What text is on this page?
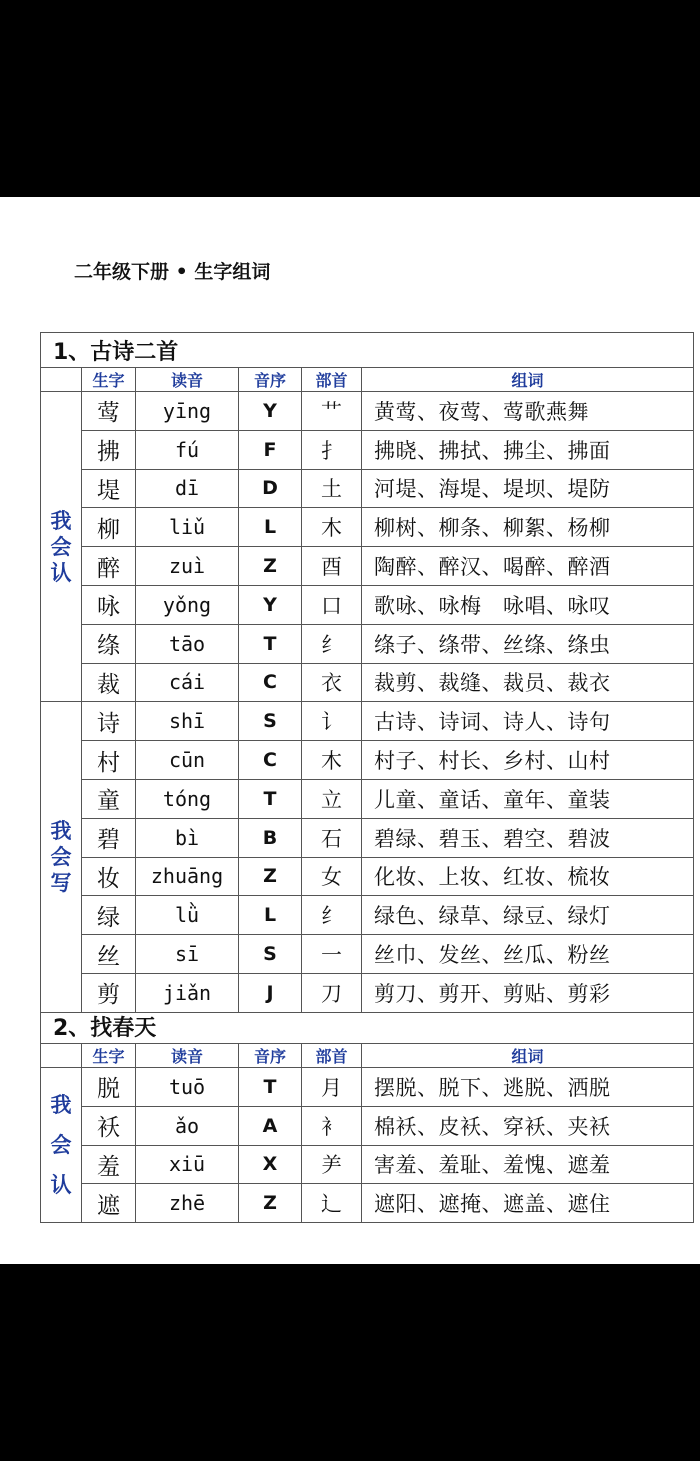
二年级下册 • 生字组词
1、古诗二首					
	生字	读音	音序	部首	组词

我
会
认	莺	yīng	Y	艹	黄莺、夜莺、莺歌燕舞
	拂	fú	F	扌	拂晓、拂拭、拂尘、拂面
	堤	dī	D	土	河堤、海堤、堤坝、堤防
	柳	liǔ	L	木	柳树、柳条、柳絮、杨柳
	醉	zuì	Z	酉	陶醉、醉汉、喝醉、醉酒
	咏	yǒng	Y	口	歌咏、咏梅　咏唱、咏叹
	绦	tāo	T	纟	绦子、绦带、丝绦、绦虫
	裁	cái	C	衣	裁剪、裁缝、裁员、裁衣

我
会
写	诗	shī	S	讠	古诗、诗词、诗人、诗句
	村	cūn	C	木	村子、村长、乡村、山村
	童	tóng	T	立	儿童、童话、童年、童装
	碧	bì	B	石	碧绿、碧玉、碧空、碧波
	妆	zhuāng	Z	女	化妆、上妆、红妆、梳妆
	绿	lǜ	L	纟	绿色、绿草、绿豆、绿灯
	丝	sī	S	一	丝巾、发丝、丝瓜、粉丝
	剪	jiǎn	J	刀	剪刀、剪开、剪贴、剪彩
2、找春天					
	生字	读音	音序	部首	组词

我
会
认	脱	tuō	T	月	摆脱、脱下、逃脱、洒脱
	袄	ǎo	A	衤	棉袄、皮袄、穿袄、夹袄
	羞	xiū	X	⺶	害羞、羞耻、羞愧、遮羞
	遮	zhē	Z	辶	遮阳、遮掩、遮盖、遮住
